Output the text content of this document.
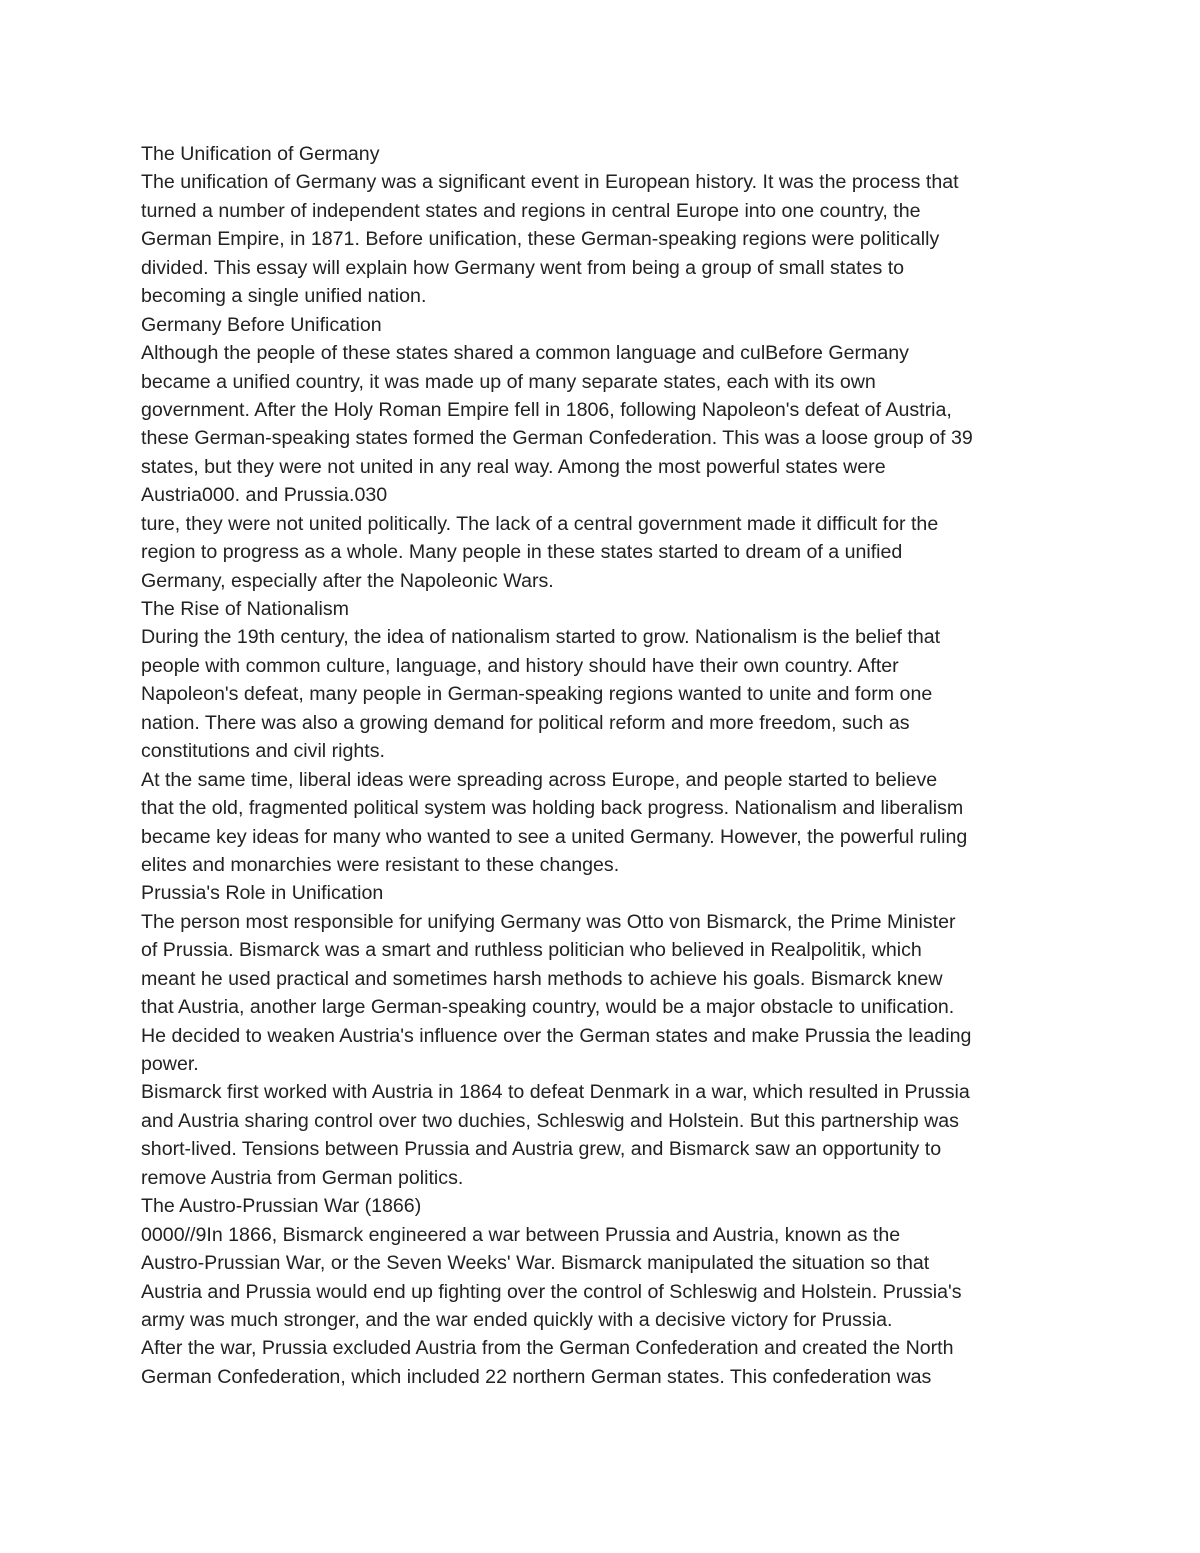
The Unification of Germany
The unification of Germany was a significant event in European history. It was the process that
turned a number of independent states and regions in central Europe into one country, the
German Empire, in 1871. Before unification, these German-speaking regions were politically
divided. This essay will explain how Germany went from being a group of small states to
becoming a single unified nation.
Germany Before Unification
Although the people of these states shared a common language and culBefore Germany
became a unified country, it was made up of many separate states, each with its own
government. After the Holy Roman Empire fell in 1806, following Napoleon's defeat of Austria,
these German-speaking states formed the German Confederation. This was a loose group of 39
states, but they were not united in any real way. Among the most powerful states were
Austria000. and Prussia.030
ture, they were not united politically. The lack of a central government made it difficult for the
region to progress as a whole. Many people in these states started to dream of a unified
Germany, especially after the Napoleonic Wars.
The Rise of Nationalism
During the 19th century, the idea of nationalism started to grow. Nationalism is the belief that
people with common culture, language, and history should have their own country. After
Napoleon's defeat, many people in German-speaking regions wanted to unite and form one
nation. There was also a growing demand for political reform and more freedom, such as
constitutions and civil rights.
At the same time, liberal ideas were spreading across Europe, and people started to believe
that the old, fragmented political system was holding back progress. Nationalism and liberalism
became key ideas for many who wanted to see a united Germany. However, the powerful ruling
elites and monarchies were resistant to these changes.
Prussia's Role in Unification
The person most responsible for unifying Germany was Otto von Bismarck, the Prime Minister
of Prussia. Bismarck was a smart and ruthless politician who believed in Realpolitik, which
meant he used practical and sometimes harsh methods to achieve his goals. Bismarck knew
that Austria, another large German-speaking country, would be a major obstacle to unification.
He decided to weaken Austria's influence over the German states and make Prussia the leading
power.
Bismarck first worked with Austria in 1864 to defeat Denmark in a war, which resulted in Prussia
and Austria sharing control over two duchies, Schleswig and Holstein. But this partnership was
short-lived. Tensions between Prussia and Austria grew, and Bismarck saw an opportunity to
remove Austria from German politics.
The Austro-Prussian War (1866)
0000//9In 1866, Bismarck engineered a war between Prussia and Austria, known as the
Austro-Prussian War, or the Seven Weeks' War. Bismarck manipulated the situation so that
Austria and Prussia would end up fighting over the control of Schleswig and Holstein. Prussia's
army was much stronger, and the war ended quickly with a decisive victory for Prussia.
After the war, Prussia excluded Austria from the German Confederation and created the North
German Confederation, which included 22 northern German states. This confederation was
